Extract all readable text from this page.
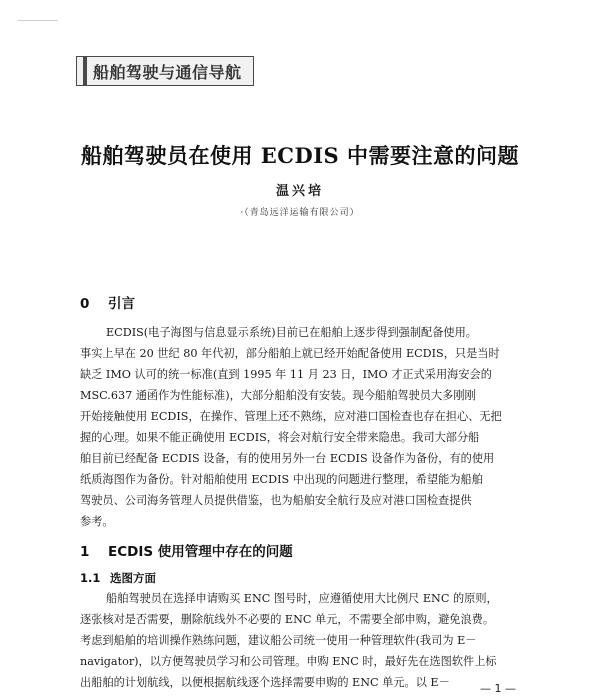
船舶驾驶与通信导航
船舶驾驶员在使用 ECDIS 中需要注意的问题
温兴培
·（青岛远洋运输有限公司）
0 引言
ECDIS(电子海图与信息显示系统)目前已在船舶上逐步得到强制配备使用。
事实上早在 20 世纪 80 年代初，部分船舶上就已经开始配备使用 ECDIS，只是当时
缺乏 IMO 认可的统一标准(直到 1995 年 11 月 23 日，IMO 才正式采用海安会的
MSC.637 通函作为性能标准)，大部分船舶没有安装。现今船舶驾驶员大多刚刚
开始接触使用 ECDIS，在操作、管理上还不熟练，应对港口国检查也存在担心、无把
握的心理。如果不能正确使用 ECDIS，将会对航行安全带来隐患。我司大部分船
舶目前已经配备 ECDIS 设备，有的使用另外一台 ECDIS 设备作为备份，有的使用
纸质海图作为备份。针对船舶使用 ECDIS 中出现的问题进行整理，希望能为船舶
驾驶员、公司海务管理人员提供借鉴，也为船舶安全航行及应对港口国检查提供
参考。
1 ECDIS 使用管理中存在的问题
1.1 选图方面
船舶驾驶员在选择申请购买 ENC 图号时，应遵循使用大比例尺 ENC 的原则，
逐张核对是否需要，删除航线外不必要的 ENC 单元，不需要全部申购，避免浪费。
考虑到船舶的培训操作熟练问题，建议船公司统一使用一种管理软件(我司为 E－
navigator)，以方便驾驶员学习和公司管理。申购 ENC 时，最好先在选图软件上标
出船舶的计划航线，以便根据航线逐个选择需要申购的 ENC 单元。以 E－	— 1 —
